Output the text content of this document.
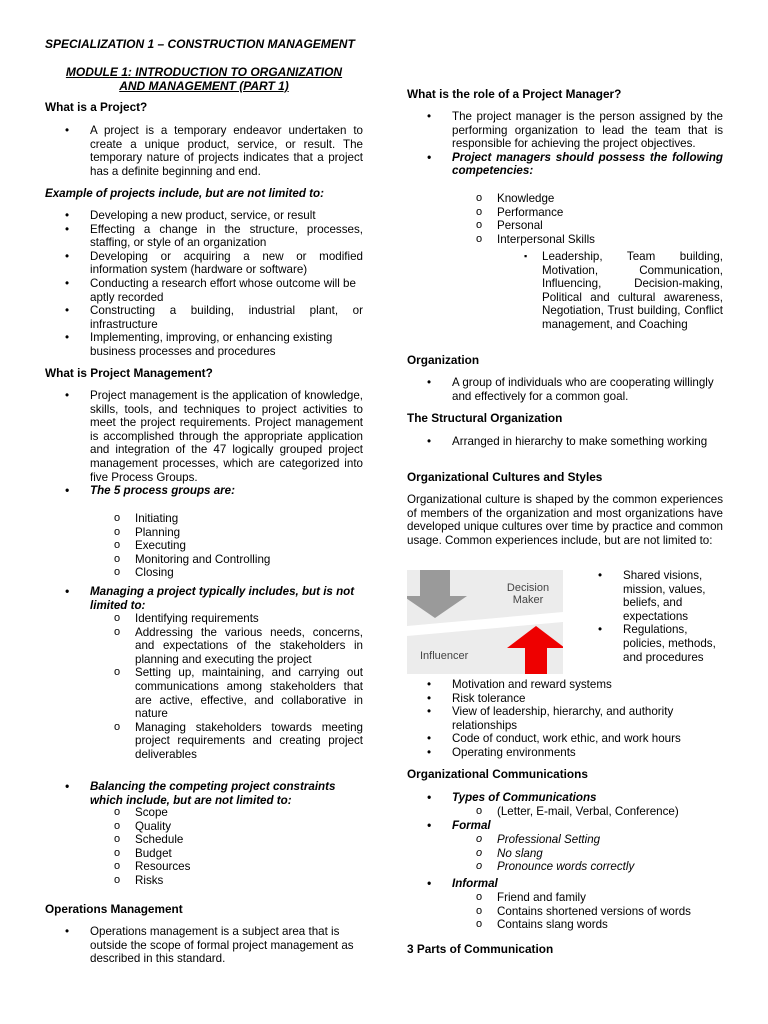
SPECIALIZATION 1 – CONSTRUCTION MANAGEMENT
MODULE 1: INTRODUCTION TO ORGANIZATION
AND MANAGEMENT (PART 1)
What is a Project?
• A project is a temporary endeavor undertaken to create a unique product, service, or result. The temporary nature of projects indicates that a project has a definite beginning and end.
Example of projects include, but are not limited to:
• Developing a new product, service, or result
• Effecting a change in the structure, processes, staffing, or style of an organization
• Developing or acquiring a new or modified information system (hardware or software)
• Conducting a research effort whose outcome will be aptly recorded
• Constructing a building, industrial plant, or infrastructure
• Implementing, improving, or enhancing existing business processes and procedures
What is Project Management?
• Project management is the application of knowledge, skills, tools, and techniques to project activities to meet the project requirements. Project management is accomplished through the appropriate application and integration of the 47 logically grouped project management processes, which are categorized into five Process Groups.
• The 5 process groups are:
o Initiating
o Planning
o Executing
o Monitoring and Controlling
o Closing
• Managing a project typically includes, but is not limited to:
o Identifying requirements
o Addressing the various needs, concerns, and expectations of the stakeholders in planning and executing the project
o Setting up, maintaining, and carrying out communications among stakeholders that are active, effective, and collaborative in nature
o Managing stakeholders towards meeting project requirements and creating project deliverables
• Balancing the competing project constraints which include, but are not limited to:
o Scope
o Quality
o Schedule
o Budget
o Resources
o Risks
Operations Management
• Operations management is a subject area that is outside the scope of formal project management as described in this standard.
What is the role of a Project Manager?
• The project manager is the person assigned by the performing organization to lead the team that is responsible for achieving the project objectives.
• Project managers should possess the following competencies:
o Knowledge
o Performance
o Personal
o Interpersonal Skills
▪ Leadership, Team building, Motivation, Communication, Influencing, Decision-making, Political and cultural awareness, Negotiation, Trust building, Conflict management, and Coaching
Organization
• A group of individuals who are cooperating willingly and effectively for a common goal.
The Structural Organization
• Arranged in hierarchy to make something working
Organizational Cultures and Styles
Organizational culture is shaped by the common experiences of members of the organization and most organizations have developed unique cultures over time by practice and common usage. Common experiences include, but are not limited to:
Decision
Maker
Influencer
• Shared visions, mission, values, beliefs, and expectations
• Regulations, policies, methods, and procedures
• Motivation and reward systems
• Risk tolerance
• View of leadership, hierarchy, and authority relationships
• Code of conduct, work ethic, and work hours
• Operating environments
Organizational Communications
• Types of Communications
o (Letter, E-mail, Verbal, Conference)
• Formal
o Professional Setting
o No slang
o Pronounce words correctly
• Informal
o Friend and family
o Contains shortened versions of words
o Contains slang words
3 Parts of Communication
